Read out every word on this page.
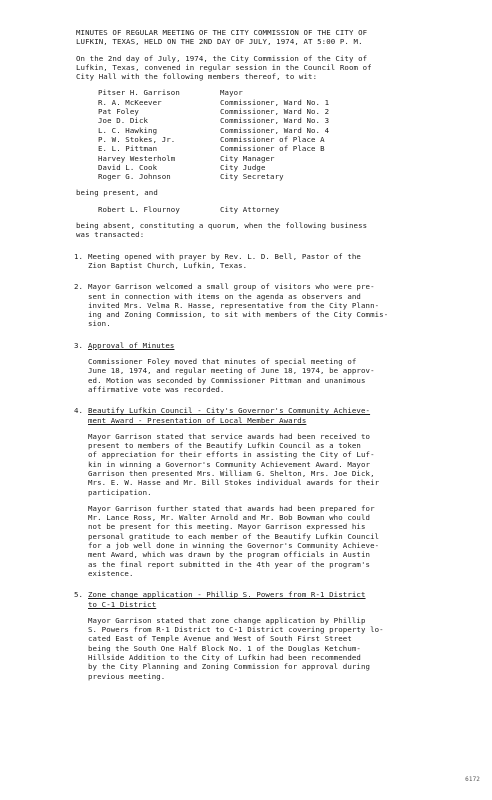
MINUTES OF REGULAR MEETING OF THE CITY COMMISSION OF THE CITY OF
LUFKIN, TEXAS, HELD ON THE 2ND DAY OF JULY, 1974, AT 5:00 P. M.
On the 2nd day of July, 1974, the City Commission of the City of
Lufkin, Texas, convened in regular session in the Council Room of
City Hall with the following members thereof, to wit:
Pitser H. Garrison	Mayor
R. A. McKeever	Commissioner, Ward No. 1
Pat Foley	Commissioner, Ward No. 2
Joe D. Dick	Commissioner, Ward No. 3
L. C. Hawking	Commissioner, Ward No. 4
P. W. Stokes, Jr.	Commissioner of Place A
E. L. Pittman	Commissioner of Place B
Harvey Westerholm	City Manager
David L. Cook	City Judge
Roger G. Johnson	City Secretary
being present, and
Robert L. Flournoy	City Attorney
being absent, constituting a quorum, when the following business
was transacted:
1. Meeting opened with prayer by Rev. L. D. Bell, Pastor of the
Zion Baptist Church, Lufkin, Texas.
2. Mayor Garrison welcomed a small group of visitors who were pre-
sent in connection with items on the agenda as observers and
invited Mrs. Velma R. Hasse, representative from the City Plann-
ing and Zoning Commission, to sit with members of the City Commis-
sion.
3. Approval of Minutes
Commissioner Foley moved that minutes of special meeting of
June 18, 1974, and regular meeting of June 18, 1974, be approv-
ed. Motion was seconded by Commissioner Pittman and unanimous
affirmative vote was recorded.
4. Beautify Lufkin Council - City's Governor's Community Achieve-
ment Award - Presentation of Local Member Awards
Mayor Garrison stated that service awards had been received to
present to members of the Beautify Lufkin Council as a token
of appreciation for their efforts in assisting the City of Luf-
kin in winning a Governor's Community Achievement Award. Mayor
Garrison then presented Mrs. William G. Shelton, Mrs. Joe Dick,
Mrs. E. W. Hasse and Mr. Bill Stokes individual awards for their
participation.
Mayor Garrison further stated that awards had been prepared for
Mr. Lance Ross, Mr. Walter Arnold and Mr. Bob Bowman who could
not be present for this meeting. Mayor Garrison expressed his
personal gratitude to each member of the Beautify Lufkin Council
for a job well done in winning the Governor's Community Achieve-
ment Award, which was drawn by the program officials in Austin
as the final report submitted in the 4th year of the program's
existence.
5. Zone change application - Phillip S. Powers from R-1 District
to C-1 District
Mayor Garrison stated that zone change application by Phillip
S. Powers from R-1 District to C-1 District covering property lo-
cated East of Temple Avenue and West of South First Street
being the South One Half Block No. 1 of the Douglas Ketchum-
Hillside Addition to the City of Lufkin had been recommended
by the City Planning and Zoning Commission for approval during
previous meeting.
6172
